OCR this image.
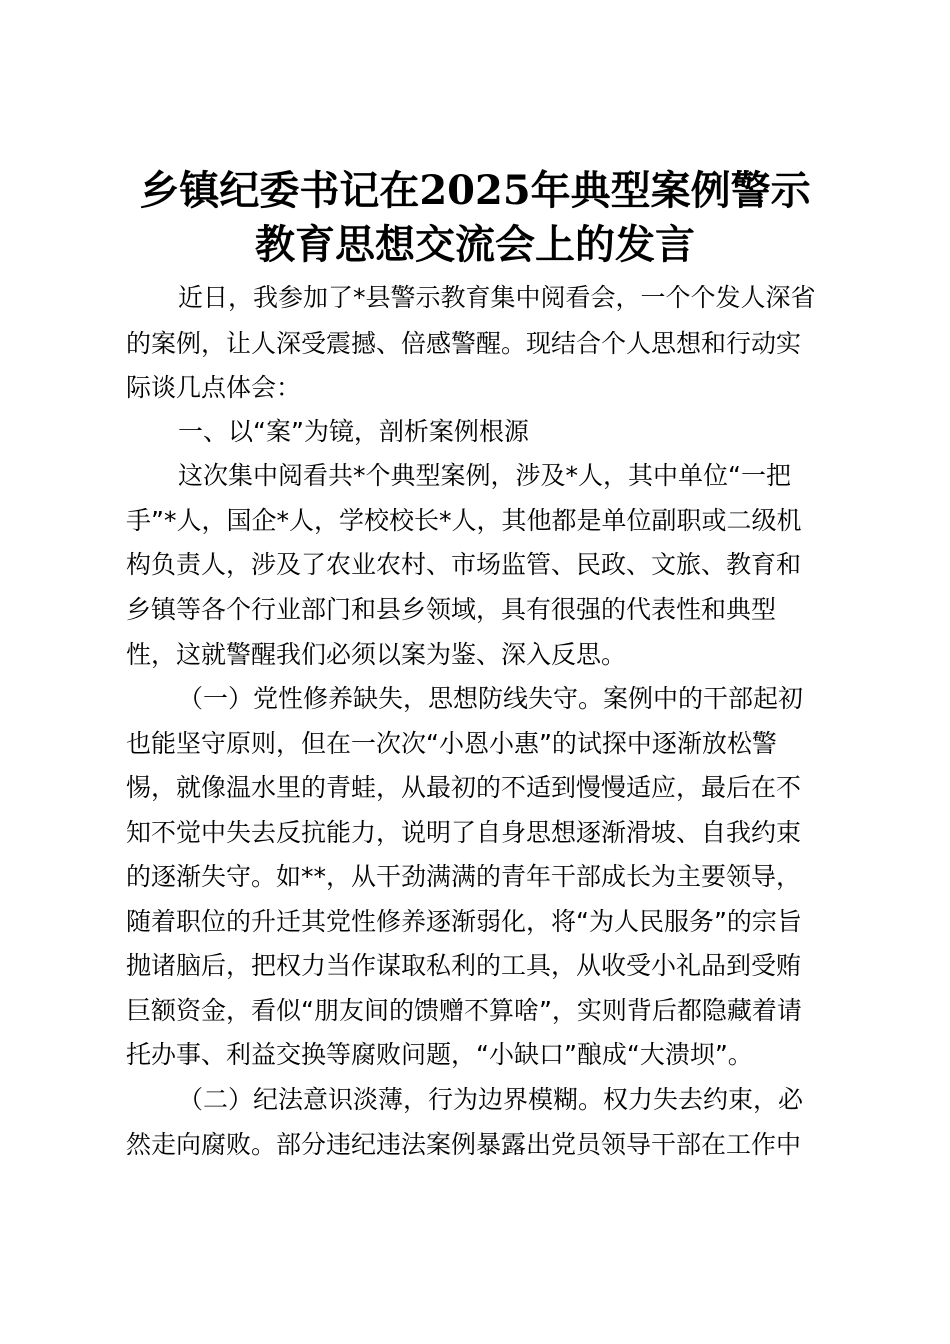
乡镇纪委书记在2025年典型案例警示
教育思想交流会上的发言

近日，我参加了*县警示教育集中阅看会，一个个发人深省

的案例，让人深受震撼、倍感警醒。现结合个人思想和行动实

际谈几点体会：

一、以“案”为镜，剖析案例根源

这次集中阅看共*个典型案例，涉及*人，其中单位“一把

手”*人，国企*人，学校校长*人，其他都是单位副职或二级机

构负责人，涉及了农业农村、市场监管、民政、文旅、教育和

乡镇等各个行业部门和县乡领域，具有很强的代表性和典型

性，这就警醒我们必须以案为鉴、深入反思。

（一）党性修养缺失，思想防线失守。案例中的干部起初

也能坚守原则，但在一次次“小恩小惠”的试探中逐渐放松警

惕，就像温水里的青蛙，从最初的不适到慢慢适应，最后在不

知不觉中失去反抗能力，说明了自身思想逐渐滑坡、自我约束

的逐渐失守。如**，从干劲满满的青年干部成长为主要领导，

随着职位的升迁其党性修养逐渐弱化，将“为人民服务”的宗旨

抛诸脑后，把权力当作谋取私利的工具，从收受小礼品到受贿

巨额资金，看似“朋友间的馈赠不算啥”，实则背后都隐藏着请

托办事、利益交换等腐败问题，“小缺口”酿成“大溃坝”。

（二）纪法意识淡薄，行为边界模糊。权力失去约束，必

然走向腐败。部分违纪违法案例暴露出党员领导干部在工作中
